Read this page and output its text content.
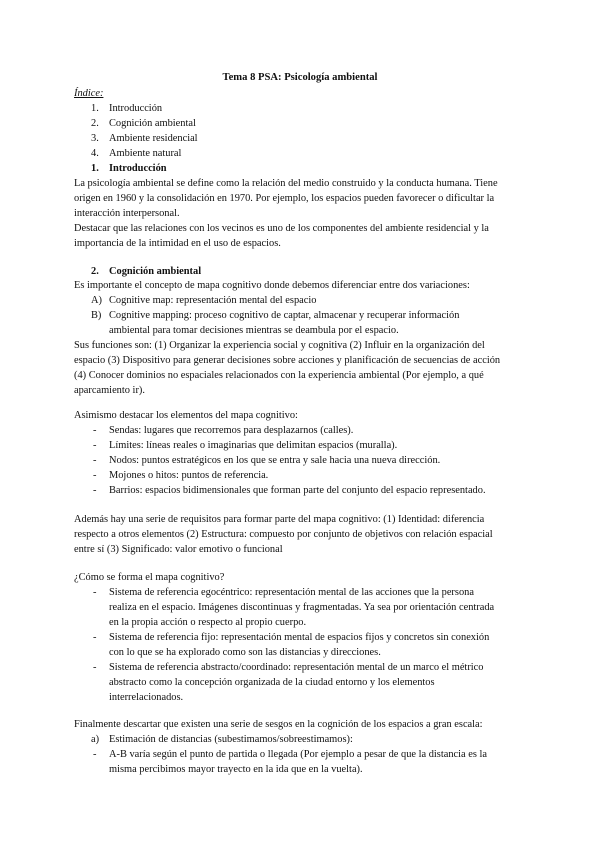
Tema 8 PSA: Psicología ambiental
Índice:
1. Introducción
2. Cognición ambiental
3. Ambiente residencial
4. Ambiente natural
1. Introducción
La psicología ambiental se define como la relación del medio construido y la conducta humana. Tiene
origen en 1960 y la consolidación en 1970. Por ejemplo, los espacios pueden favorecer o dificultar la
interacción interpersonal.
Destacar que las relaciones con los vecinos es uno de los componentes del ambiente residencial y la
importancia de la intimidad en el uso de espacios.
2. Cognición ambiental
Es importante el concepto de mapa cognitivo donde debemos diferenciar entre dos variaciones:
A) Cognitive map: representación mental del espacio
B) Cognitive mapping: proceso cognitivo de captar, almacenar y recuperar información
ambiental para tomar decisiones mientras se deambula por el espacio.
Sus funciones son: (1) Organizar la experiencia social y cognitiva (2) Influir en la organización del
espacio (3) Dispositivo para generar decisiones sobre acciones y planificación de secuencias de acción
(4) Conocer dominios no espaciales relacionados con la experiencia ambiental (Por ejemplo, a qué
aparcamiento ir).
Asimismo destacar los elementos del mapa cognitivo:
- Sendas: lugares que recorremos para desplazarnos (calles).
- Límites: líneas reales o imaginarias que delimitan espacios (muralla).
- Nodos: puntos estratégicos en los que se entra y sale hacia una nueva dirección.
- Mojones o hitos: puntos de referencia.
- Barrios: espacios bidimensionales que forman parte del conjunto del espacio representado.
Además hay una serie de requisitos para formar parte del mapa cognitivo: (1) Identidad: diferencia
respecto a otros elementos (2) Estructura: compuesto por conjunto de objetivos con relación espacial
entre sí (3) Significado: valor emotivo o funcional
¿Cómo se forma el mapa cognitivo?
- Sistema de referencia egocéntrico: representación mental de las acciones que la persona
realiza en el espacio. Imágenes discontinuas y fragmentadas. Ya sea por orientación centrada
en la propia acción o respecto al propio cuerpo.
- Sistema de referencia fijo: representación mental de espacios fijos y concretos sin conexión
con lo que se ha explorado como son las distancias y direcciones.
- Sistema de referencia abstracto/coordinado: representación mental de un marco el métrico
abstracto como la concepción organizada de la ciudad entorno y los elementos
interrelacionados.
Finalmente descartar que existen una serie de sesgos en la cognición de los espacios a gran escala:
a) Estimación de distancias (subestimamos/sobreestimamos):
- A-B varía según el punto de partida o llegada (Por ejemplo a pesar de que la distancia es la
misma percibimos mayor trayecto en la ida que en la vuelta).
